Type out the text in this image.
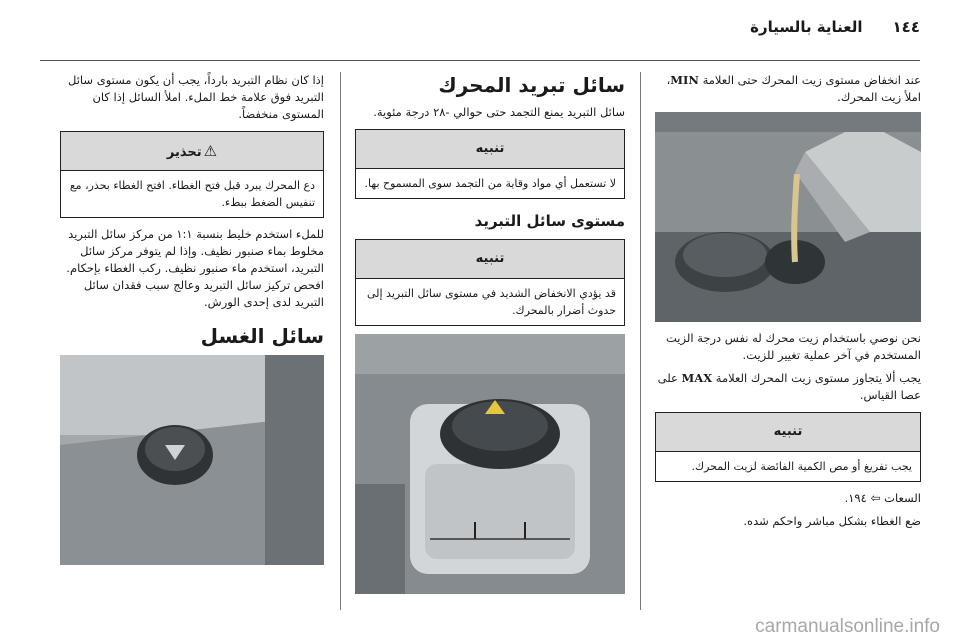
١٤٤
العناية بالسيارة

عند انخفاض مستوى زيت المحرك حتى العلامة MIN، املأ زيت المحرك.

نحن نوصي باستخدام زيت محرك له نفس درجة الزيت المستخدم في آخر عملية تغيير للزيت.

يجب ألا يتجاوز مستوى زيت المحرك العلامة MAX على عصا القياس.

تنبيه
يجب تفريغ أو مص الكمية الفائضة لزيت المحرك.

السعات ⇦ ١٩٤.

ضع الغطاء بشكل مباشر واحكم شده.

سائل تبريد المحرك

سائل التبريد يمنع التجمد حتى حوالي -٢٨ درجة مئوية.

تنبيه
لا تستعمل أي مواد وقاية من التجمد سوى المسموح بها.
مستوى سائل التبريد
تنبيه
قد يؤدي الانخفاض الشديد في مستوى سائل التبريد إلى حدوث أضرار بالمحرك.

إذا كان نظام التبريد بارداً، يجب أن يكون مستوى سائل التبريد فوق علامة خط الملء. املأ السائل إذا كان المستوى منخفضاً.

⚠تحذير
دع المحرك يبرد قبل فتح الغطاء. افتح الغطاء بحذر، مع تنفيس الضغط ببطء.

للملء استخدم خليط بنسبة ١:١ من مركز سائل التبريد مخلوط بماء صنبور نظيف. وإذا لم يتوفر مركز سائل التبريد، استخدم ماء صنبور نظيف. ركب الغطاء بإحكام. افحص تركيز سائل التبريد وعالج سبب فقدان سائل التبريد لدى إحدى الورش.

سائل الغسل
carmanualsonline.info
